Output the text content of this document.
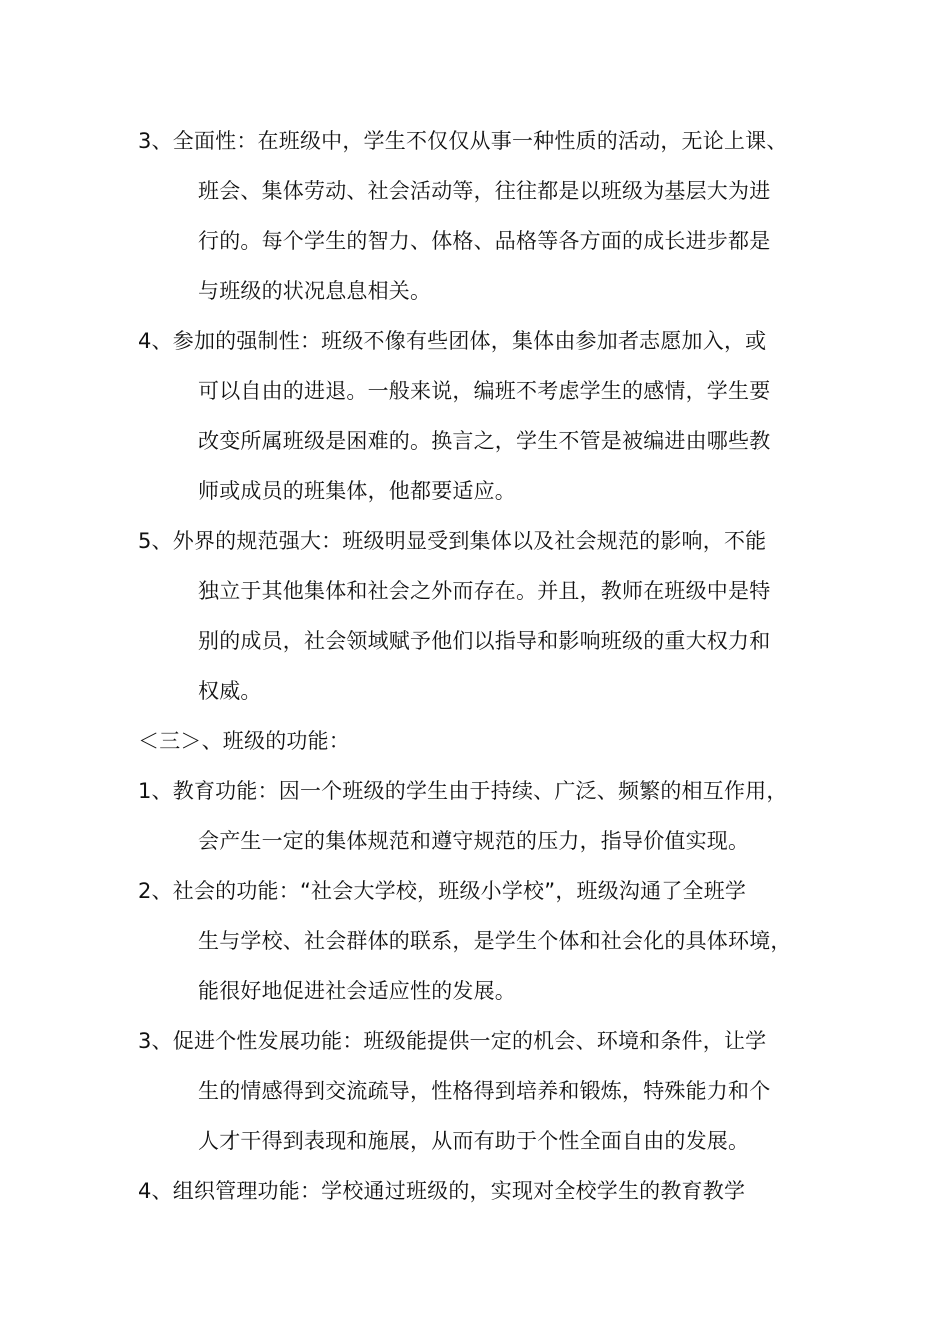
3、全面性：在班级中，学生不仅仅从事一种性质的活动，无论上课、
班会、集体劳动、社会活动等，往往都是以班级为基层大为进
行的。每个学生的智力、体格、品格等各方面的成长进步都是
与班级的状况息息相关。
4、参加的强制性：班级不像有些团体，集体由参加者志愿加入，或
可以自由的进退。一般来说，编班不考虑学生的感情，学生要
改变所属班级是困难的。换言之，学生不管是被编进由哪些教
师或成员的班集体，他都要适应。
5、外界的规范强大：班级明显受到集体以及社会规范的影响，不能
独立于其他集体和社会之外而存在。并且，教师在班级中是特
别的成员，社会领域赋予他们以指导和影响班级的重大权力和
权威。
＜三＞、班级的功能：
1、教育功能：因一个班级的学生由于持续、广泛、频繁的相互作用，
会产生一定的集体规范和遵守规范的压力，指导价值实现。
2、社会的功能：“社会大学校，班级小学校”，班级沟通了全班学
生与学校、社会群体的联系，是学生个体和社会化的具体环境，
能很好地促进社会适应性的发展。
3、促进个性发展功能：班级能提供一定的机会、环境和条件，让学
生的情感得到交流疏导，性格得到培养和锻炼，特殊能力和个
人才干得到表现和施展，从而有助于个性全面自由的发展。
4、组织管理功能：学校通过班级的，实现对全校学生的教育教学
